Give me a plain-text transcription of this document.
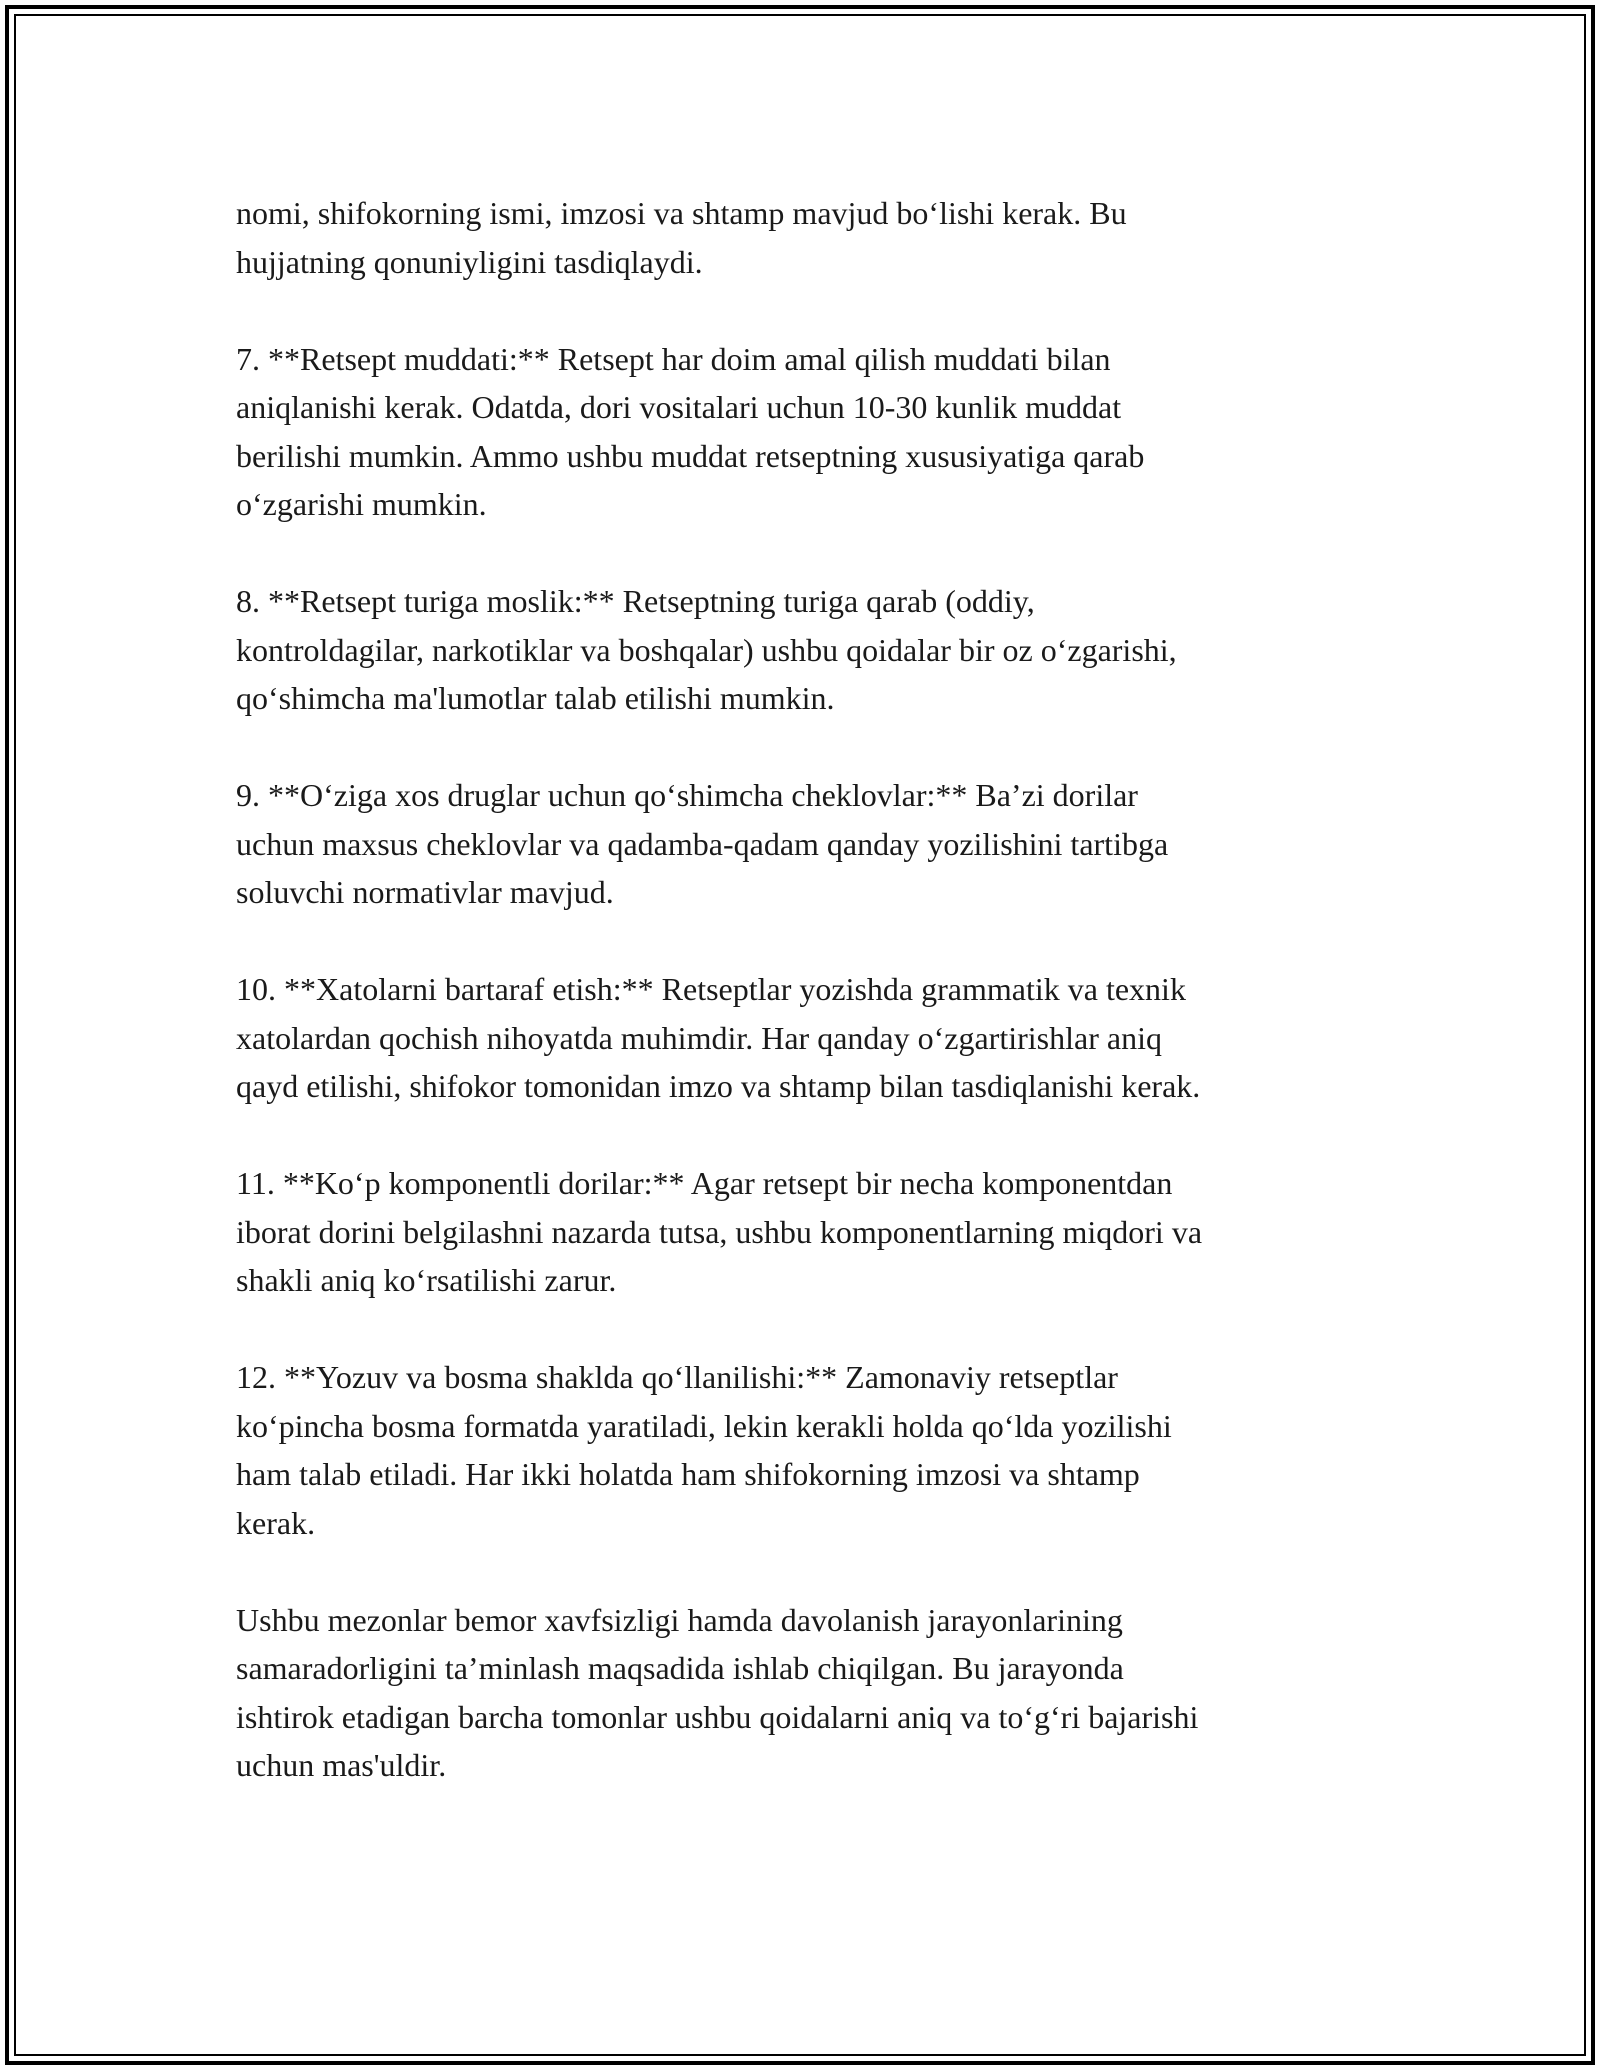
nomi, shifokorning ismi, imzosi va shtamp mavjud bo‘lishi kerak. Bu
hujjatning qonuniyligini tasdiqlaydi.

7. **Retsept muddati:** Retsept har doim amal qilish muddati bilan
aniqlanishi kerak. Odatda, dori vositalari uchun 10-30 kunlik muddat
berilishi mumkin. Ammo ushbu muddat retseptning xususiyatiga qarab
o‘zgarishi mumkin.

8. **Retsept turiga moslik:** Retseptning turiga qarab (oddiy,
kontroldagilar, narkotiklar va boshqalar) ushbu qoidalar bir oz o‘zgarishi,
qo‘shimcha ma'lumotlar talab etilishi mumkin.

9. **O‘ziga xos druglar uchun qo‘shimcha cheklovlar:** Ba’zi dorilar
uchun maxsus cheklovlar va qadamba-qadam qanday yozilishini tartibga
soluvchi normativlar mavjud.

10. **Xatolarni bartaraf etish:** Retseptlar yozishda grammatik va texnik
xatolardan qochish nihoyatda muhimdir. Har qanday o‘zgartirishlar aniq
qayd etilishi, shifokor tomonidan imzo va shtamp bilan tasdiqlanishi kerak.

11. **Ko‘p komponentli dorilar:** Agar retsept bir necha komponentdan
iborat dorini belgilashni nazarda tutsa, ushbu komponentlarning miqdori va
shakli aniq ko‘rsatilishi zarur.

12. **Yozuv va bosma shaklda qo‘llanilishi:** Zamonaviy retseptlar
ko‘pincha bosma formatda yaratiladi, lekin kerakli holda qo‘lda yozilishi
ham talab etiladi. Har ikki holatda ham shifokorning imzosi va shtamp
kerak.

Ushbu mezonlar bemor xavfsizligi hamda davolanish jarayonlarining
samaradorligini ta’minlash maqsadida ishlab chiqilgan. Bu jarayonda
ishtirok etadigan barcha tomonlar ushbu qoidalarni aniq va to‘g‘ri bajarishi
uchun mas'uldir.
